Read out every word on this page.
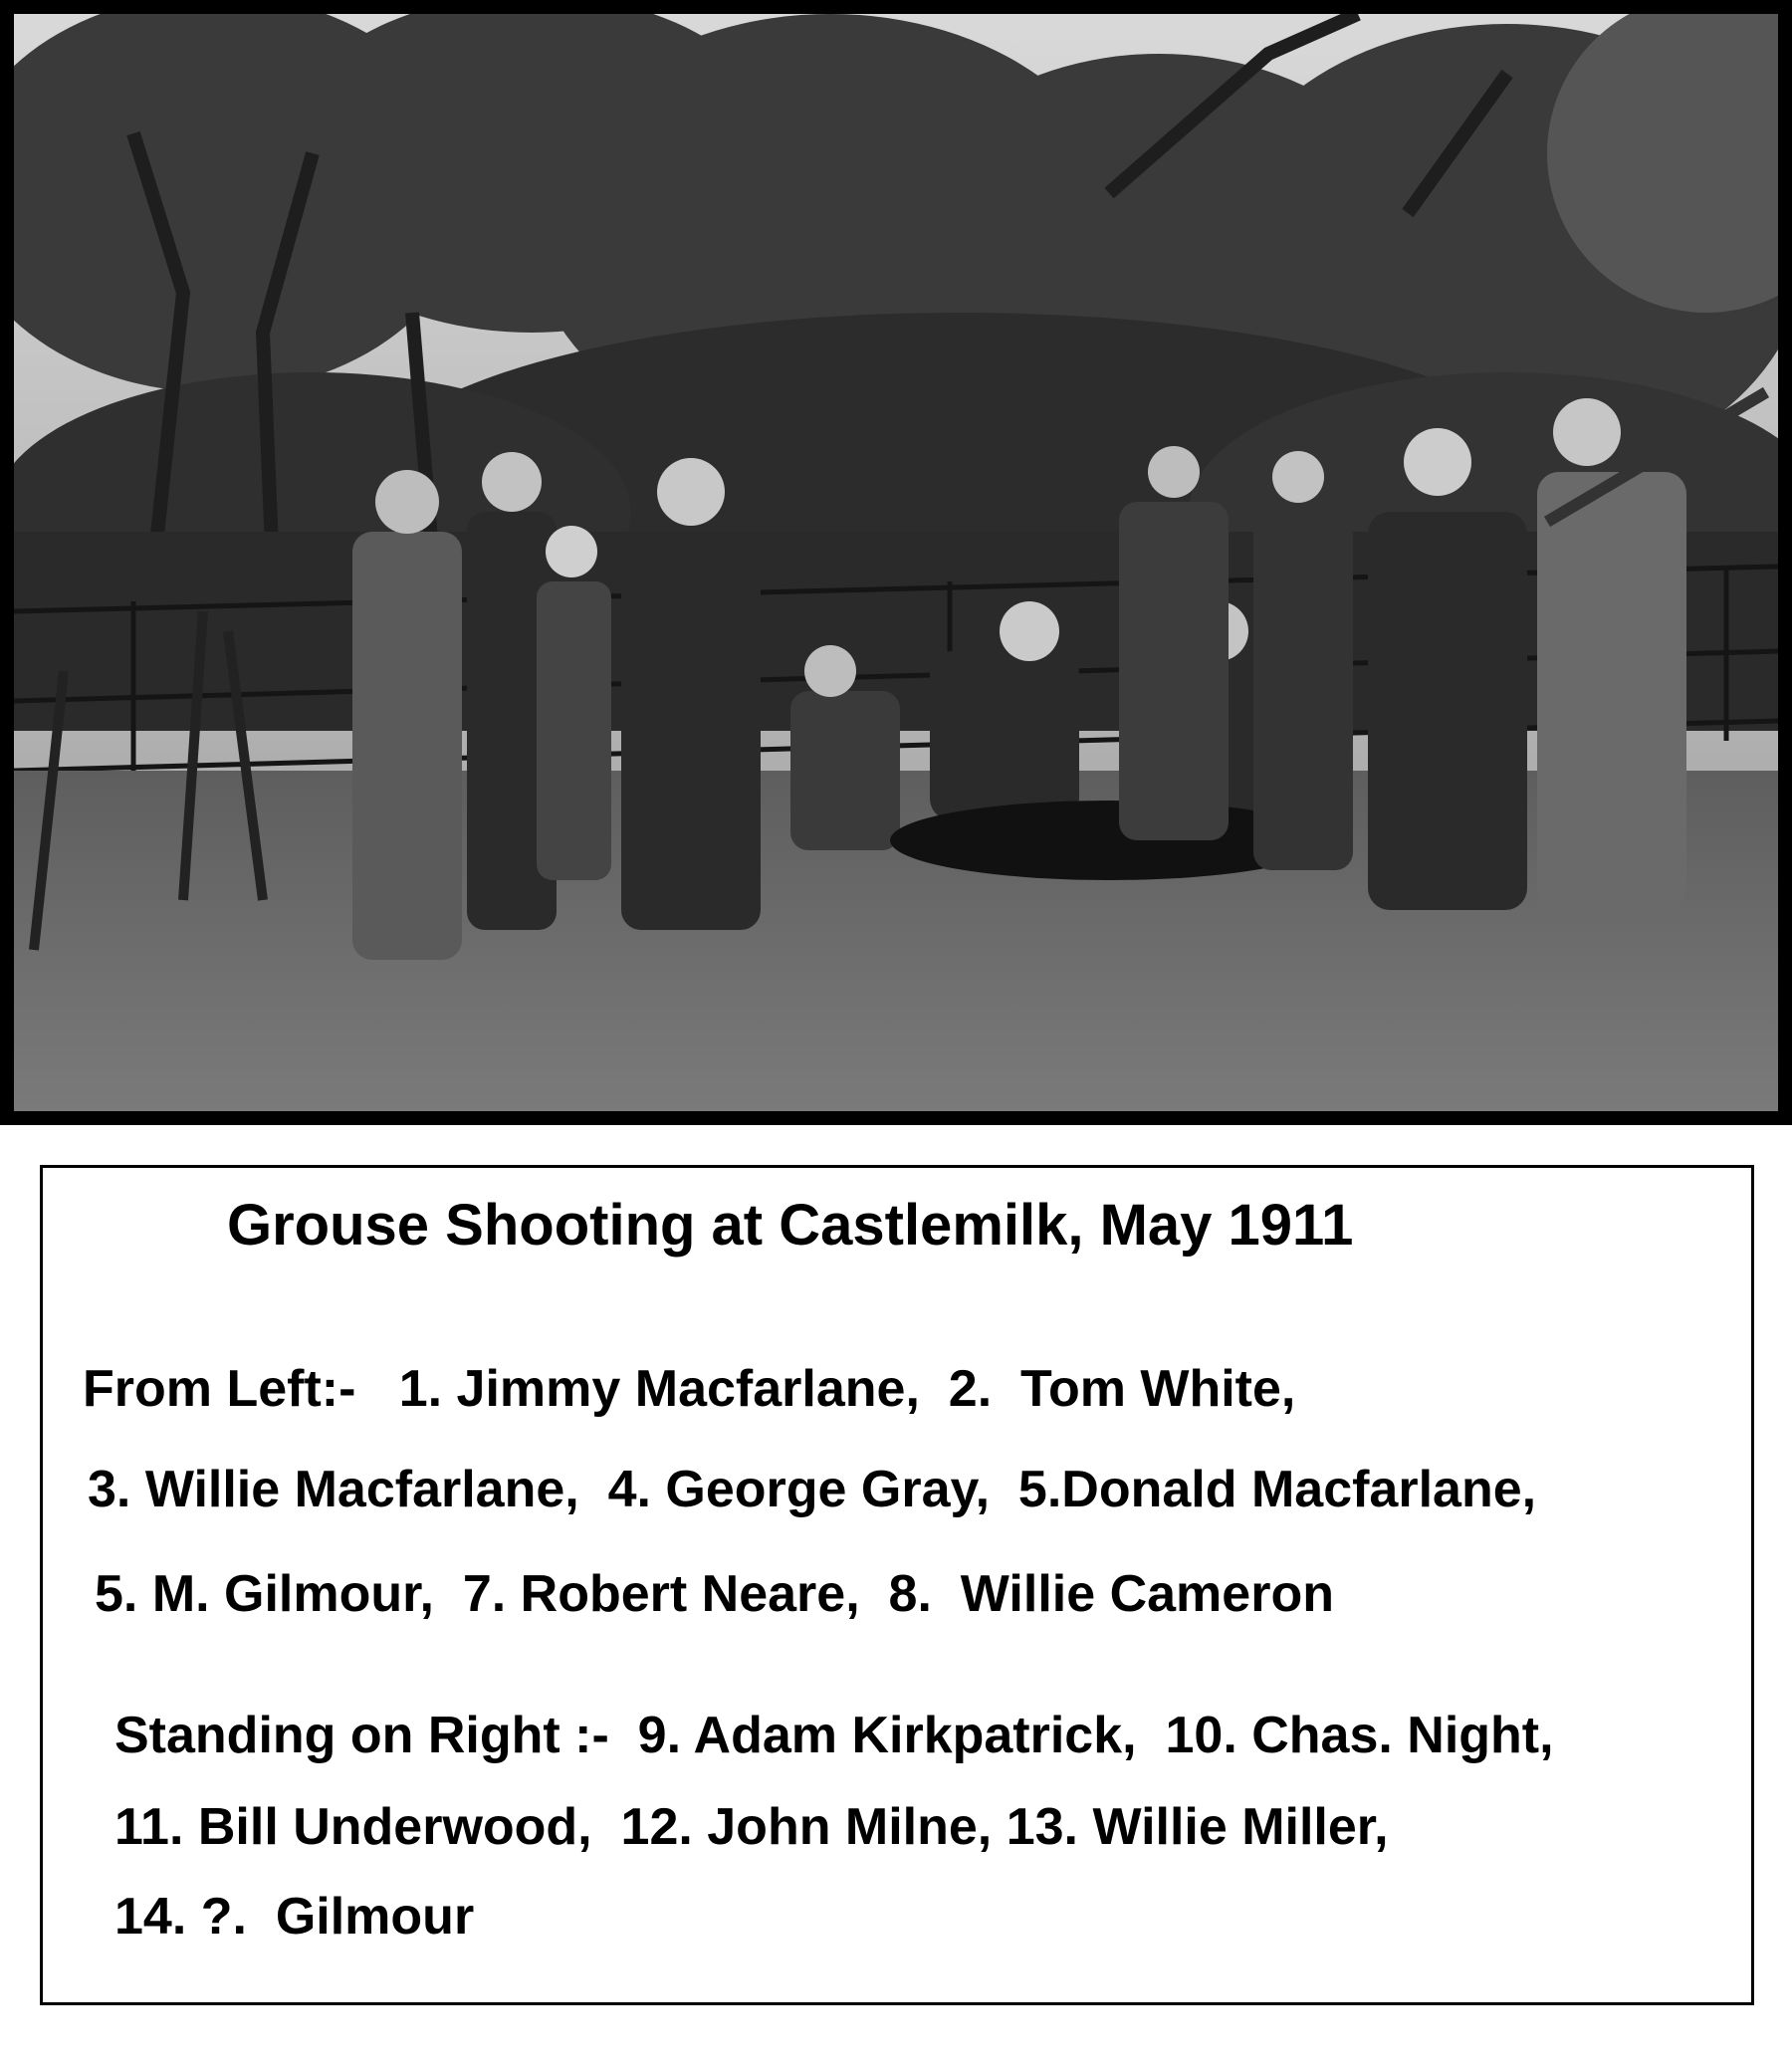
Grouse Shooting at Castlemilk, May 1911
From Left:-   1. Jimmy Macfarlane,  2.  Tom White,
3. Willie Macfarlane,  4. George Gray,  5.Donald Macfarlane,
5. M. Gilmour,  7. Robert Neare,  8.  Willie Cameron
Standing on Right :-  9. Adam Kirkpatrick,  10. Chas. Night,
11. Bill Underwood,  12. John Milne, 13. Willie Miller,
14. ?.  Gilmour
